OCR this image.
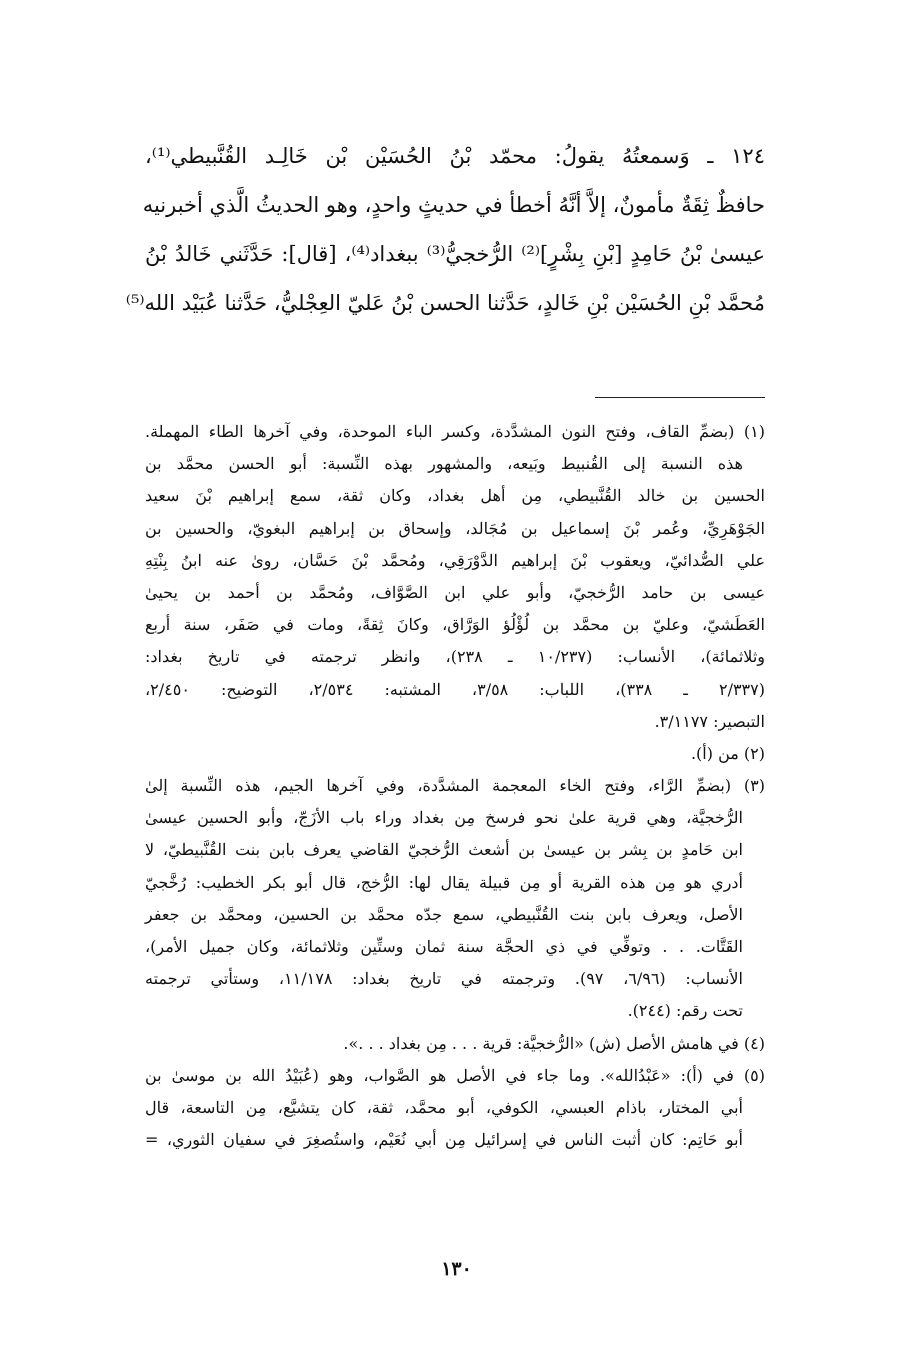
١٢٤ ـ وَسمعتُهُ يقولُ: محمّد بْنُ الحُسَيْن بْن خَالِـد القُنَّبيطي⁽¹⁾،
حافظٌ ثِقَةٌ مأمونٌ، إلاَّ أنَّهُ أخطأ في حديثٍ واحدٍ، وهو الحديثُ الَّذي أخبرنيه
عيسىٰ بْنُ حَامِدٍ [بْنِ بِشْرٍ]⁽²⁾ الرُّخجيُّ⁽³⁾ ببغداد⁽⁴⁾، [قال]: حَدَّثَني خَالدُ بْنُ
مُحمَّد بْنِ الحُسَيْن بْنِ خَالدٍ، حَدَّثنا الحسن بْنُ عَليّ العِجْليُّ، حَدَّثنا عُبَيْد الله⁽⁵⁾
(١) (بضمِّ القاف، وفتح النون المشدَّدة، وكسر الباء الموحدة، وفي آخرها الطاء المهملة.
هذه النسبة إلى القُنبيط وبَيعه، والمشهور بهذه النِّسبة: أبو الحسن محمَّد بن
الحسين بن خالد القُنَّبيطي، مِن أهل بغداد، وكان ثقة، سمع إبراهيم بْنَ سعيد
الجَوْهَرِيِّ، وعُمر بْنَ إسماعيل بن مُجَالد، وإسحاق بن إبراهيم البغويّ، والحسين بن
علي الصُّدائيّ، ويعقوب بْنَ إبراهيم الدَّوْرَقِي، ومُحمَّد بْنَ حَسَّان، روىٰ عنه ابنُ بِنْتِهِ
عيسى بن حامد الرُّخجيّ، وأبو علي ابن الصَّوَّاف، ومُحمَّد بن أحمد بن يحيىٰ
العَطَشيّ، وعليّ بن محمَّد بن لُؤْلُؤ الوَرَّاق، وكانَ ثِقةً، ومات في صَفَر، سنة أربع
وثلاثمائة)، الأنساب: (١٠/٢٣٧ ـ ٢٣٨)، وانظر ترجمته في تاريخ بغداد:
(٢/٣٣٧ ـ ٣٣٨)، اللباب: ٣/٥٨، المشتبه: ٢/٥٣٤، التوضيح: ٢/٤٥٠،
التبصير: ٣/١١٧٧.
(٢) من (أ).
(٣) (بضمِّ الرَّاء، وفتح الخاء المعجمة المشدَّدة، وفي آخرها الجيم، هذه النِّسبة إلىٰ
الرُّخجيَّة، وهي قرية علىٰ نحو فرسخ مِن بغداد وراء باب الأزَجّ، وأبو الحسين عيسىٰ
ابن حَامدٍ بن بِشر بن عيسىٰ بن أشعث الرُّخجيّ القاضي يعرف بابن بنت القُنَّبيطيّ، لا
أدري هو مِن هذه القرية أو مِن قبيلة يقال لها: الرُّخج، قال أبو بكر الخطيب: رُخَّجيّ
الأصل، ويعرف بابن بنت القُنَّبيطي، سمع جدّه محمَّد بن الحسين، ومحمَّد بن جعفر
القَتَّات. . . وتوفِّي في ذي الحجَّة سنة ثمان وستِّين وثلاثمائة، وكان جميل الأمر)،
الأنساب: (٦/٩٦، ٩٧). وترجمته في تاريخ بغداد: ١١/١٧٨، وستأتي ترجمته
تحت رقم: (٢٤٤).
(٤) في هامش الأصل (ش) «الرُّخجيَّة: قرية . . . مِن بغداد . . .».
(٥) في (أ): «عَبْدُالله». وما جاء في الأصل هو الصَّواب، وهو (عُبَيْدُ الله بن موسىٰ بن
أبي المختار، باذام العبسي، الكوفي، أبو محمَّد، ثقة، كان يتشيَّع، مِن التاسعة، قال
أبو حَاتِم: كان أثبت الناس في إسرائيل مِن أبي نُعَيْم، واستُصغِرَ في سفيان الثوري، =
١٣٠
